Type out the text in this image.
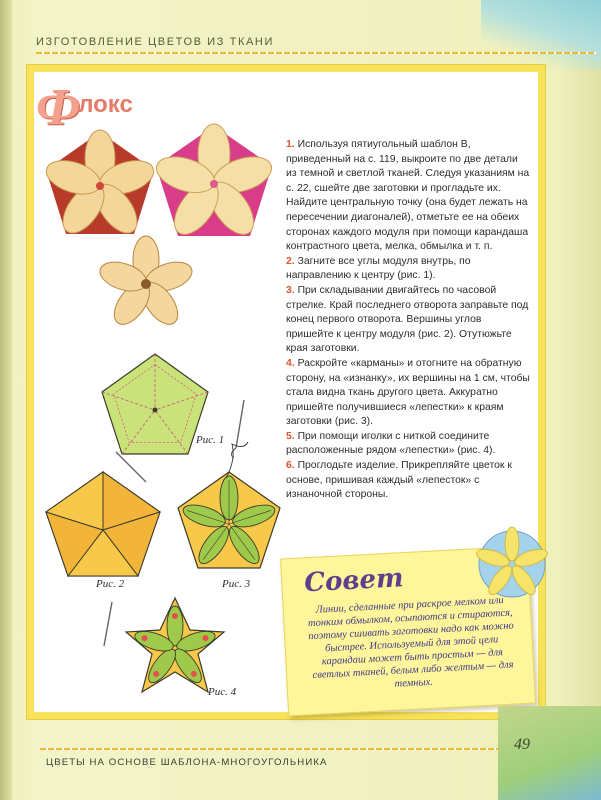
ИЗГОТОВЛЕНИЕ ЦВЕТОВ ИЗ ТКАНИ
$Ф^{локс}$

1. Используя пятиугольный шаблон В, приведенный на с. 119, выкроите по две детали из темной и светлой тканей. Следуя указаниям на с. 22, сшейте две заготовки и прогладьте их. Найдите центральную точку (она будет лежать на пересечении диагоналей), отметьте ее на обеих сторонах каждого модуля при помощи карандаша контрастного цвета, мелка, обмылка и т. п.

2. Загните все углы модуля внутрь, по направлению к центру (рис. 1).

3. При складывании двигайтесь по часовой стрелке. Край последнего отворота заправьте под конец первого отворота. Вершины углов пришейте к центру модуля (рис. 2). Отутюжьте края заготовки.

4. Раскройте «карманы» и отогните на обратную сторону, на «изнанку», их вершины на 1 см, чтобы стала видна ткань другого цвета. Аккуратно пришейте получившиеся «лепестки» к краям заготовки (рис. 3).

5. При помощи иголки с ниткой соедините расположенные рядом «лепестки» (рис. 4).

6. Проглодьте изделие. Прикрепляйте цветок к основе, пришивая каждый «лепесток» с изнаночной стороны.

Рис. 1
Рис. 2	Рис. 3
Рис. 4
Совет
Линии, сделанные при раскрое мелком или тонким обмылком, осыпаются и стираются, поэтому сшивать заготовки надо как можно быстрее. Используемый для этой цели карандаш может быть простым — для светлых тканей, белым либо желтым — для темных.
ЦВЕТЫ НА ОСНОВЕ ШАБЛОНА-МНОГОУГОЛЬНИКА
49
